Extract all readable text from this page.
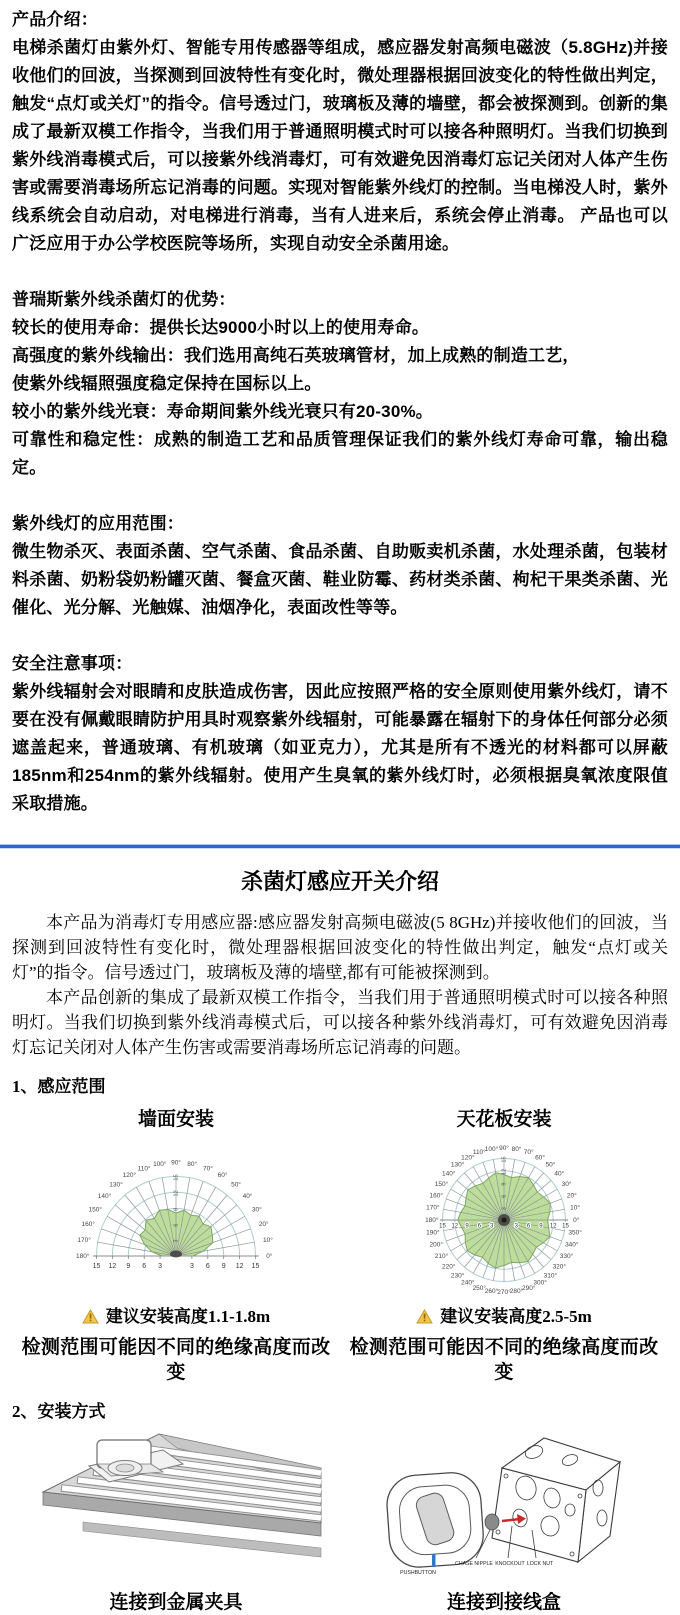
产品介绍：

电梯杀菌灯由紫外灯、智能专用传感器等组成，感应器发射高频电磁波（5.8GHz)并接收他们的回波，当探测到回波特性有变化时，微处理器根据回波变化的特性做出判定，触发“点灯或关灯”的指令。信号透过门，玻璃板及薄的墙壁，都会被探测到。创新的集成了最新双模工作指令，当我们用于普通照明模式时可以接各种照明灯。当我们切换到紫外线消毒模式后，可以接紫外线消毒灯，可有效避免因消毒灯忘记关闭对人体产生伤害或需要消毒场所忘记消毒的问题。实现对智能紫外线灯的控制。当电梯没人时，紫外线系统会自动启动，对电梯进行消毒，当有人进来后，系统会停止消毒。 产品也可以广泛应用于办公学校医院等场所，实现自动安全杀菌用途。

普瑞斯紫外线杀菌灯的优势：

较长的使用寿命：提供长达9000小时以上的使用寿命。

高强度的紫外线输出：我们选用高纯石英玻璃管材，加上成熟的制造工艺，

使紫外线辐照强度稳定保持在国标以上。

较小的紫外线光衰：寿命期间紫外线光衰只有20-30%。

可靠性和稳定性：成熟的制造工艺和品质管理保证我们的紫外线灯寿命可靠，输出稳定。

紫外线灯的应用范围：

微生物杀灭、表面杀菌、空气杀菌、食品杀菌、自助贩卖机杀菌，水处理杀菌，包装材料杀菌、奶粉袋奶粉罐灭菌、餐盒灭菌、鞋业防霉、药材类杀菌、枸杞干果类杀菌、光催化、光分解、光触媒、油烟净化，表面改性等等。

安全注意事项：

紫外线辐射会对眼睛和皮肤造成伤害，因此应按照严格的安全原则使用紫外线灯，请不要在没有佩戴眼睛防护用具时观察紫外线辐射，可能暴露在辐射下的身体任何部分必须遮盖起来，普通玻璃、有机玻璃（如亚克力），尤其是所有不透光的材料都可以屏蔽185nm和254nm的紫外线辐射。使用产生臭氧的紫外线灯时，必须根据臭氧浓度限值采取措施。

杀菌灯感应开关介绍

本产品为消毒灯专用感应器:感应器发射高频电磁波(5 8GHz)并接收他们的回波，当探测到回波特性有变化时，微处理器根据回波变化的特性做出判定，触发“点灯或关灯”的指令。信号透过门，玻璃板及薄的墙壁,都有可能被探测到。

本产品创新的集成了最新双模工作指令，当我们用于普通照明模式时可以接各种照明灯。当我们切换到紫外线消毒模式后，可以接各种紫外线消毒灯，可有效避免因消毒灯忘记关闭对人体产生伤害或需要消毒场所忘记消毒的问题。

1、感应范围
墙面安装
0°
10°
20°
30°
40°
50°
60°
70°
80°
90°
100°
110°
120°
130°
140°
150°
160°
170°
180°
15 12 9 6 3	3 6 9 12 15
3
6
9
12
15
建议安装高度1.1-1.8m
检测范围可能因不同的绝缘高度而改变
天花板安装
0°
10°
20°
30°
40°
50°
60°
70°
80°
90°
100°
110°
120°
130°
140°
150°
160°
170°
180°
190°
200°
210°
220°
230°
240°
250°
260° 270° 280°
290°
300°
310°
320°
330°
340°
350°
15 12 9 6 3	3 6 9 12 15
3
6
9
12
15
建议安装高度2.5-5m
检测范围可能因不同的绝缘高度而改变
2、安装方式
连接到金属夹具
PUSHBUTTON
CHASE NIPPLE KNOCKOUT LOCK NUT
连接到接线盒
